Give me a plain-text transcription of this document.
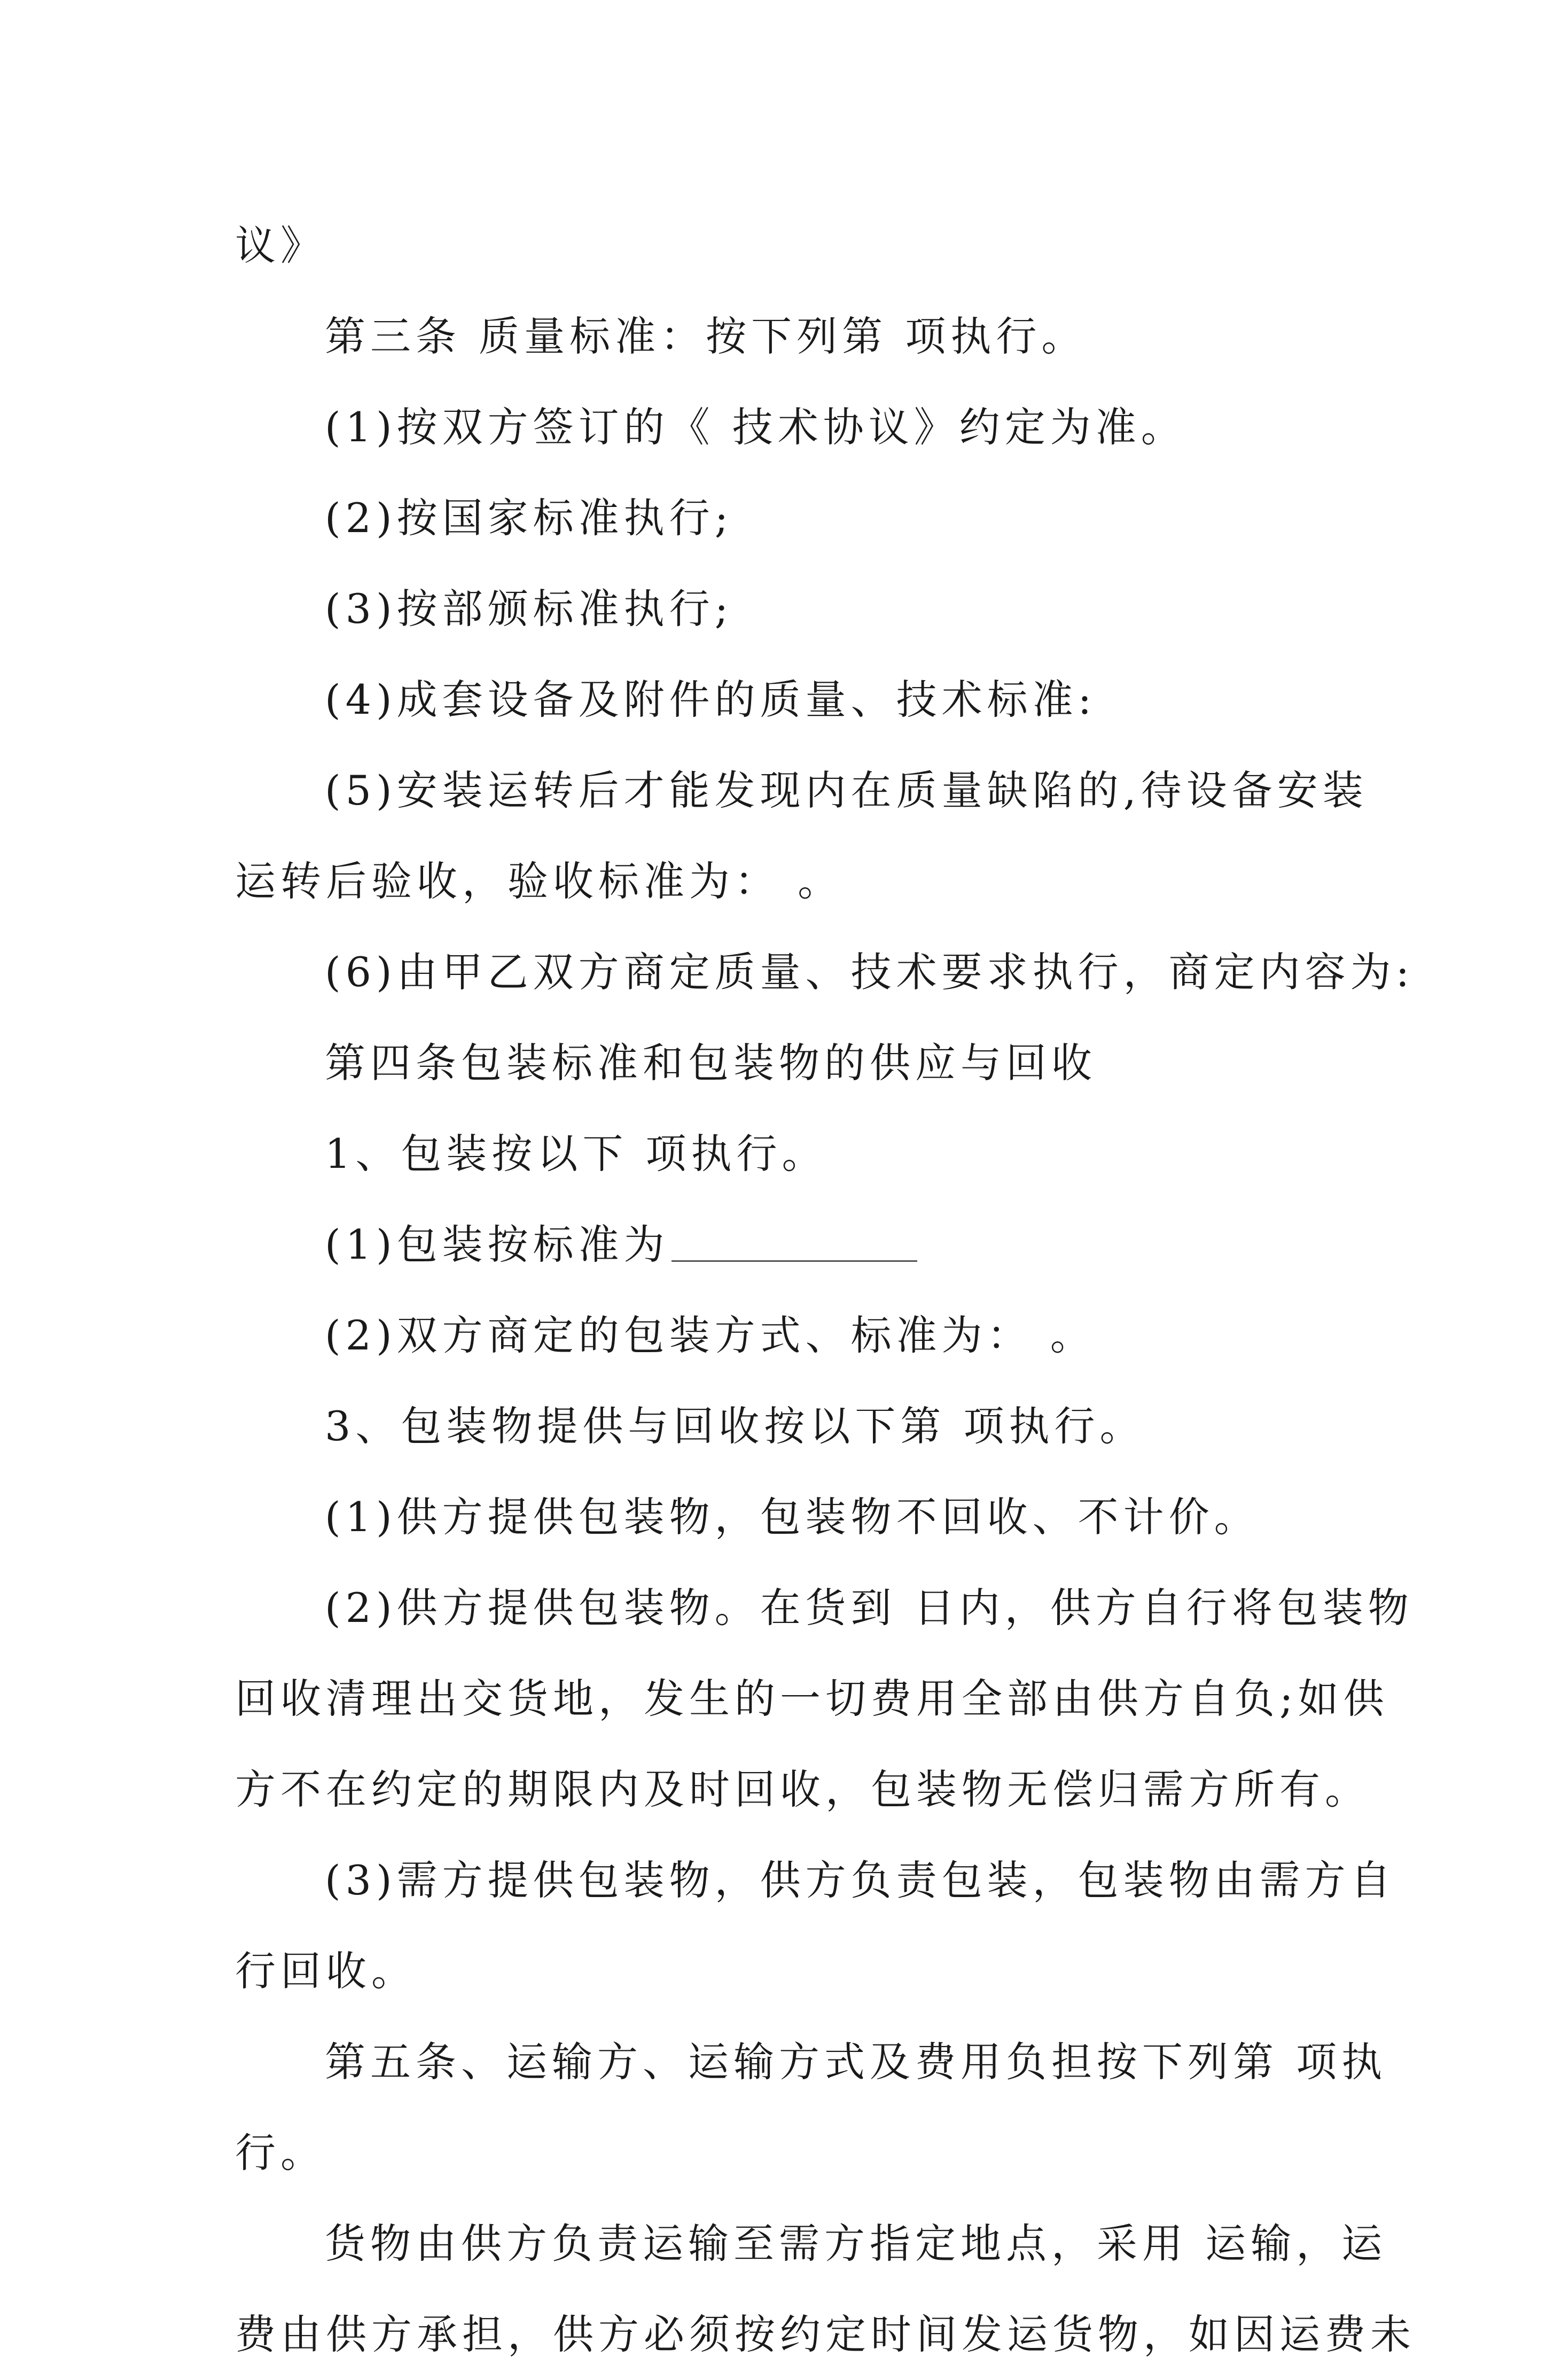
议》
第三条 质量标准：按下列第 项执行。
(1)按双方签订的《 技术协议》约定为准。
(2)按国家标准执行;
(3)按部颁标准执行;
(4)成套设备及附件的质量、技术标准:
(5)安装运转后才能发现内在质量缺陷的,待设备安装
运转后验收，验收标准为： 。
(6)由甲乙双方商定质量、技术要求执行，商定内容为:
第四条包装标准和包装物的供应与回收
1、包装按以下 项执行。
(1)包装按标准为
(2)双方商定的包装方式、标准为： 。
3、包装物提供与回收按以下第 项执行。
(1)供方提供包装物，包装物不回收、不计价。
(2)供方提供包装物。在货到 日内，供方自行将包装物
回收清理出交货地，发生的一切费用全部由供方自负;如供
方不在约定的期限内及时回收，包装物无偿归需方所有。
(3)需方提供包装物，供方负责包装，包装物由需方自
行回收。
第五条、运输方、运输方式及费用负担按下列第 项执
行。
货物由供方负责运输至需方指定地点，采用 运输，运
费由供方承担，供方必须按约定时间发运货物，如因运费未
